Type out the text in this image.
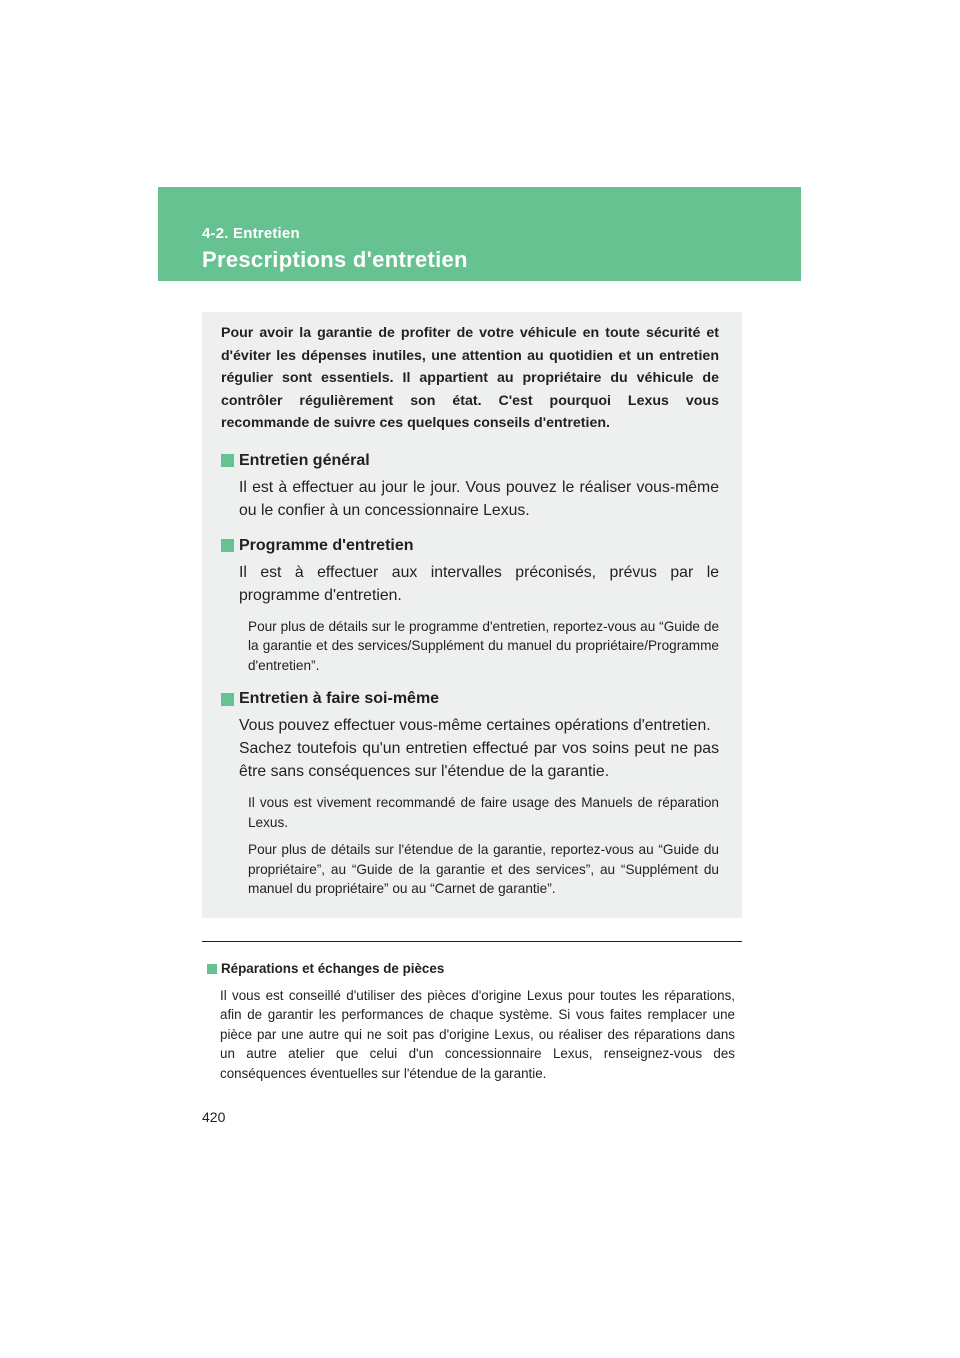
4-2. Entretien
Prescriptions d'entretien

Pour avoir la garantie de profiter de votre véhicule en toute sécurité et d'éviter les dépenses inutiles, une attention au quotidien et un entretien régulier sont essentiels. Il appartient au propriétaire du véhicule de contrôler régulièrement son état. C'est pourquoi Lexus vous recommande de suivre ces quelques conseils d'entretien.

Entretien général

Il est à effectuer au jour le jour. Vous pouvez le réaliser vous-même ou le confier à un concessionnaire Lexus.

Programme d'entretien

Il est à effectuer aux intervalles préconisés, prévus par le programme d'entretien.

Pour plus de détails sur le programme d'entretien, reportez-vous au “Guide de la garantie et des services/Supplément du manuel du propriétaire/Programme d'entretien”.

Entretien à faire soi-même

Vous pouvez effectuer vous-même certaines opérations d'entretien.

Sachez toutefois qu'un entretien effectué par vos soins peut ne pas être sans conséquences sur l'étendue de la garantie.

Il vous est vivement recommandé de faire usage des Manuels de réparation Lexus.

Pour plus de détails sur l'étendue de la garantie, reportez-vous au “Guide du propriétaire”, au “Guide de la garantie et des services”, au “Supplément du manuel du propriétaire” ou au “Carnet de garantie”.

Réparations et échanges de pièces

Il vous est conseillé d'utiliser des pièces d'origine Lexus pour toutes les réparations, afin de garantir les performances de chaque système. Si vous faites remplacer une pièce par une autre qui ne soit pas d'origine Lexus, ou réaliser des réparations dans un autre atelier que celui d'un concessionnaire Lexus, renseignez-vous des conséquences éventuelles sur l'étendue de la garantie.

420
